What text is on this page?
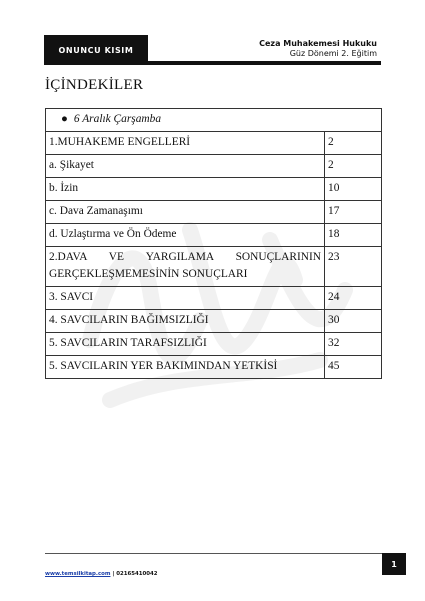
ONUNCU KISIM
Ceza Muhakemesi Hukuku
Güz Dönemi 2. Eğitim
İÇİNDEKİLER
● 6 Aralık Çarşamba	
1.MUHAKEME ENGELLERİ	2
a. Şikayet	2
b. İzin	10
c. Dava Zamanaşımı	17
d. Uzlaştırma ve Ön Ödeme	18

2.DAVA VE YARGILAMA SONUÇLARININ
GERÇEKLEŞMEMESİNİN SONUÇLARI	23
3. SAVCI	24
4. SAVCILARIN BAĞIMSIZLIĞI	30
5. SAVCILARIN TARAFSIZLIĞI	32
5. SAVCILARIN YER BAKIMINDAN YETKİSİ	45
www.temsilkitap.com | 02165410042
1
